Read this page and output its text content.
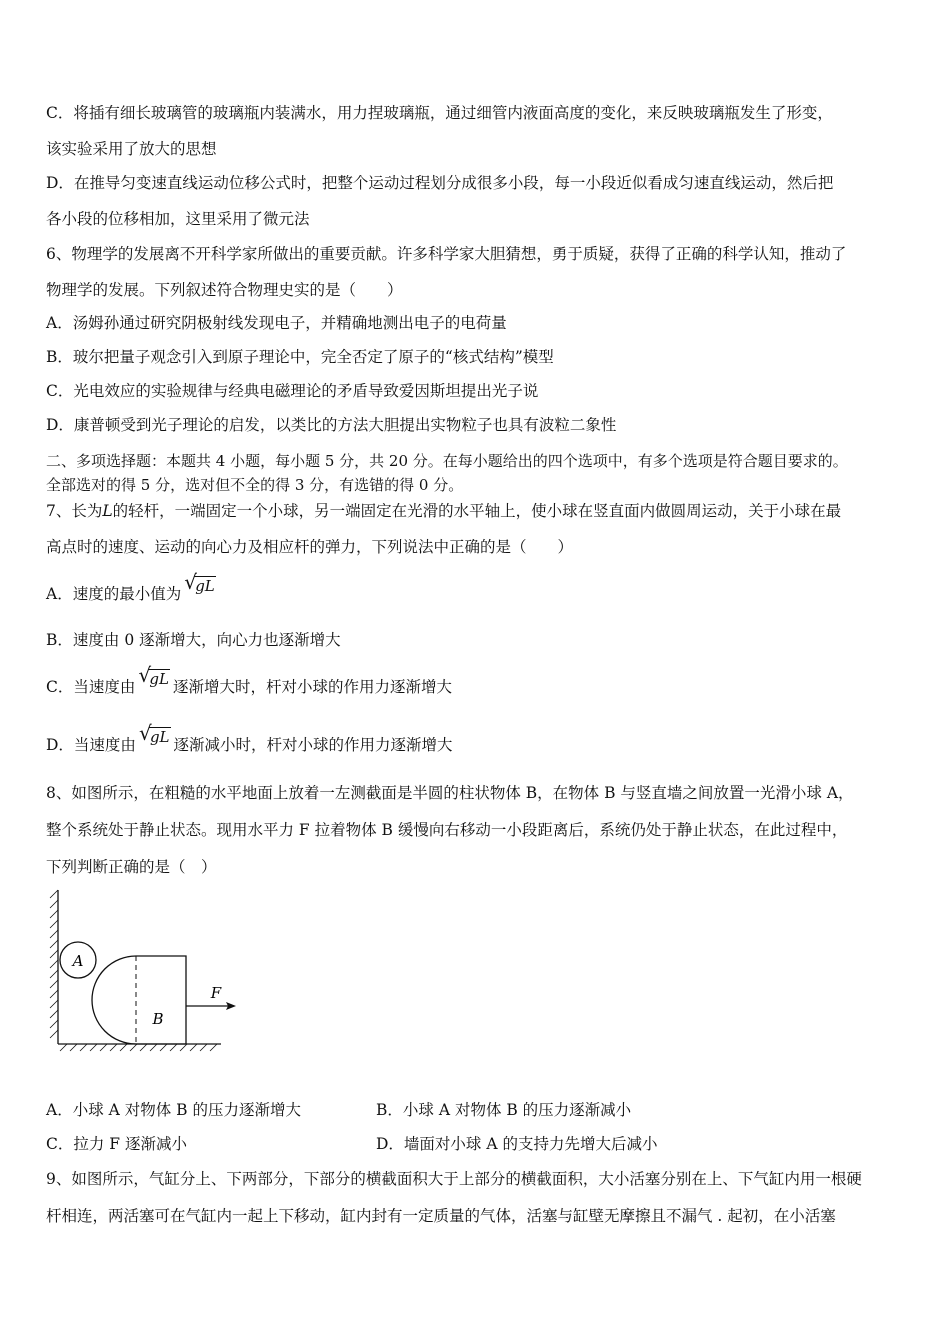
C．将插有细长玻璃管的玻璃瓶内装满水，用力捏玻璃瓶，通过细管内液面高度的变化，来反映玻璃瓶发生了形变，
该实验采用了放大的思想
D．在推导匀变速直线运动位移公式时，把整个运动过程划分成很多小段，每一小段近似看成匀速直线运动，然后把
各小段的位移相加，这里采用了微元法
6、物理学的发展离不开科学家所做出的重要贡献。许多科学家大胆猜想，勇于质疑，获得了正确的科学认知，推动了
物理学的发展。下列叙述符合物理史实的是（　　）
A．汤姆孙通过研究阴极射线发现电子，并精确地测出电子的电荷量
B．玻尔把量子观念引入到原子理论中，完全否定了原子的“核式结构”模型
C．光电效应的实验规律与经典电磁理论的矛盾导致爱因斯坦提出光子说
D．康普顿受到光子理论的启发，以类比的方法大胆提出实物粒子也具有波粒二象性
二、多项选择题：本题共 4 小题，每小题 5 分，共 20 分。在每小题给出的四个选项中，有多个选项是符合题目要求的。
全部选对的得 5 分，选对但不全的得 3 分，有选错的得 0 分。
7、长为L的轻杆，一端固定一个小球，另一端固定在光滑的水平轴上，使小球在竖直面内做圆周运动，关于小球在最
高点时的速度、运动的向心力及相应杆的弹力，下列说法中正确的是（　　）
A．速度的最小值为 √
gL
B．速度由 0 逐渐增大，向心力也逐渐增大
C．当速度由 √
gL 逐渐增大时，杆对小球的作用力逐渐增大
D．当速度由 √
gL 逐渐减小时，杆对小球的作用力逐渐增大
8、如图所示，在粗糙的水平地面上放着一左测截面是半圆的柱状物体 B，在物体 B 与竖直墙之间放置一光滑小球 A，
整个系统处于静止状态。现用水平力 F 拉着物体 B 缓慢向右移动一小段距离后，系统仍处于静止状态，在此过程中，
下列判断正确的是（　）
A
B
F
A．小球 A 对物体 B 的压力逐渐增大	B．小球 A 对物体 B 的压力逐渐减小
C．拉力 F 逐渐减小	D．墙面对小球 A 的支持力先增大后减小
9、如图所示，气缸分上、下两部分，下部分的横截面积大于上部分的横截面积，大小活塞分别在上、下气缸内用一根硬
杆相连，两活塞可在气缸内一起上下移动，缸内封有一定质量的气体，活塞与缸壁无摩擦且不漏气 . 起初，在小活塞
